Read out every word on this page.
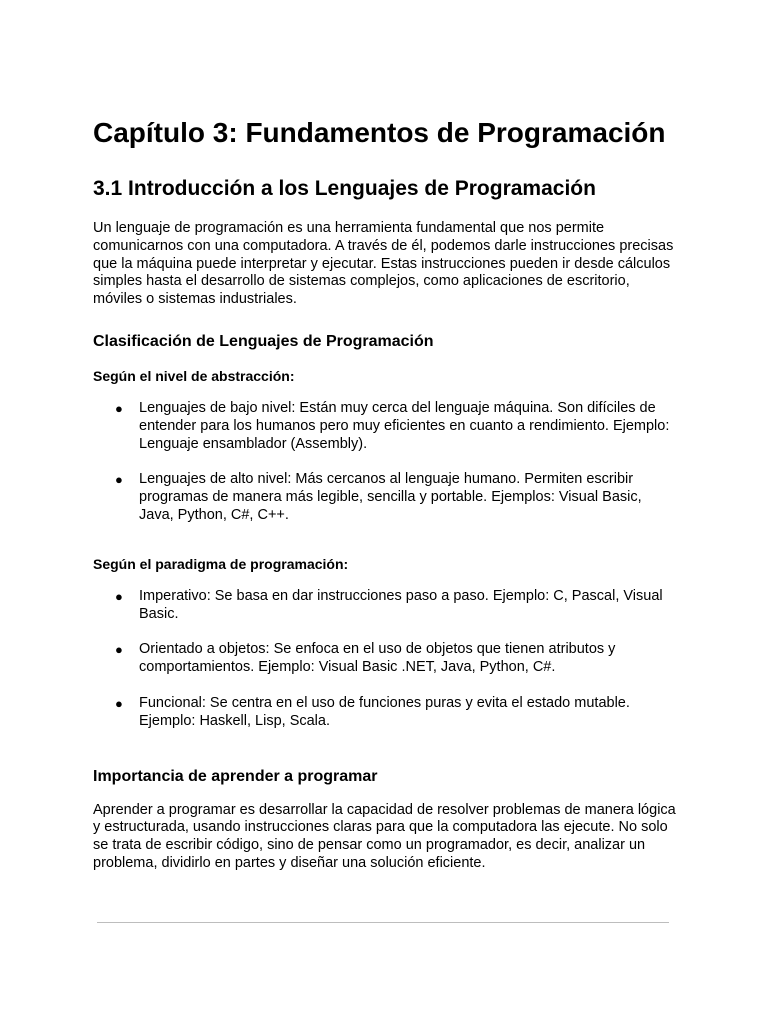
Capítulo 3: Fundamentos de Programación
3.1 Introducción a los Lenguajes de Programación

Un lenguaje de programación es una herramienta fundamental que nos permite comunicarnos con una computadora. A través de él, podemos darle instrucciones precisas que la máquina puede interpretar y ejecutar. Estas instrucciones pueden ir desde cálculos simples hasta el desarrollo de sistemas complejos, como aplicaciones de escritorio, móviles o sistemas industriales.

Clasificación de Lenguajes de Programación
Según el nivel de abstracción:
● Lenguajes de bajo nivel: Están muy cerca del lenguaje máquina. Son difíciles de entender para los humanos pero muy eficientes en cuanto a rendimiento. Ejemplo: Lenguaje ensamblador (Assembly).
● Lenguajes de alto nivel: Más cercanos al lenguaje humano. Permiten escribir programas de manera más legible, sencilla y portable. Ejemplos: Visual Basic, Java, Python, C#, C++.
Según el paradigma de programación:
● Imperativo: Se basa en dar instrucciones paso a paso. Ejemplo: C, Pascal, Visual Basic.
● Orientado a objetos: Se enfoca en el uso de objetos que tienen atributos y comportamientos. Ejemplo: Visual Basic .NET, Java, Python, C#.
● Funcional: Se centra en el uso de funciones puras y evita el estado mutable. Ejemplo: Haskell, Lisp, Scala.
Importancia de aprender a programar

Aprender a programar es desarrollar la capacidad de resolver problemas de manera lógica y estructurada, usando instrucciones claras para que la computadora las ejecute. No solo se trata de escribir código, sino de pensar como un programador, es decir, analizar un problema, dividirlo en partes y diseñar una solución eficiente.
